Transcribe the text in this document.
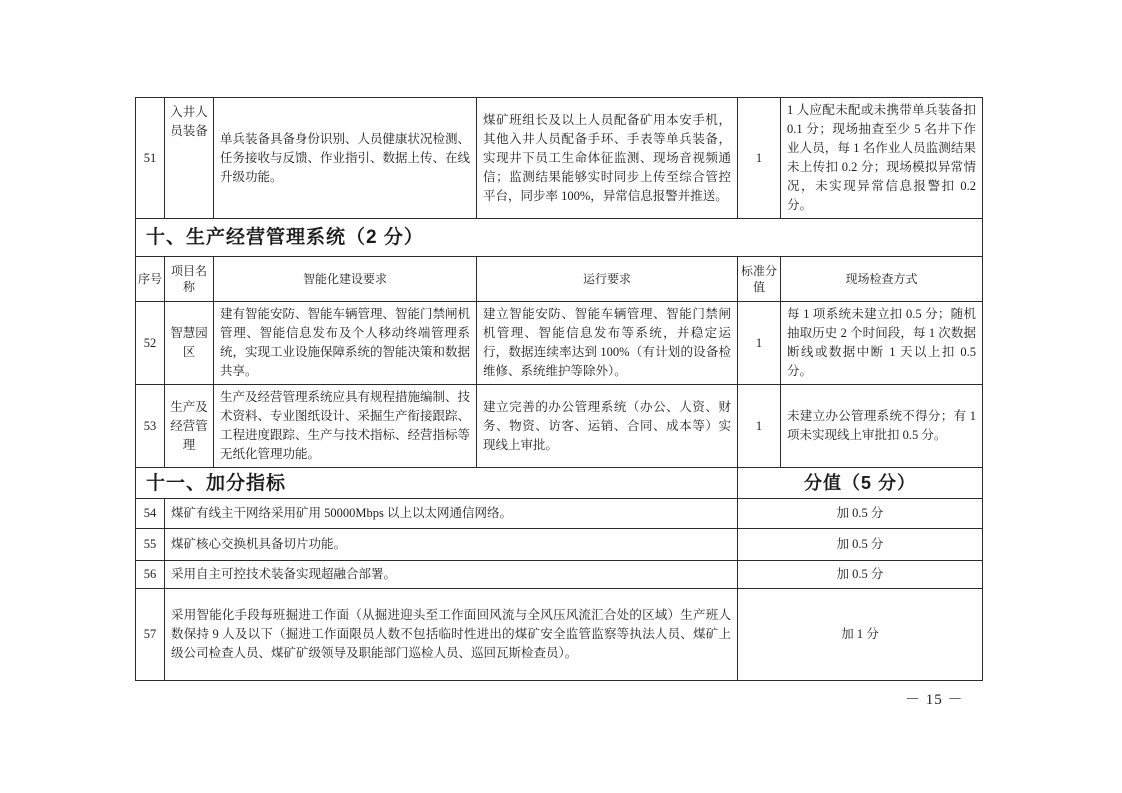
51	入井人员装备	单兵装备具备身份识别、人员健康状况检测、任务接收与反馈、作业指引、数据上传、在线升级功能。	煤矿班组长及以上人员配备矿用本安手机，其他入井人员配备手环、手表等单兵装备，实现井下员工生命体征监测、现场音视频通信；监测结果能够实时同步上传至综合管控平台，同步率 100%，异常信息报警并推送。	1	1 人应配未配或未携带单兵装备扣 0.1 分；现场抽查至少 5 名井下作业人员，每 1 名作业人员监测结果未上传扣 0.2 分；现场模拟异常情况，未实现异常信息报警扣 0.2 分。
十、生产经营管理系统（2 分）					
序号	项目名称	智能化建设要求	运行要求	标准分值	现场检查方式
52	智慧园区	建有智能安防、智能车辆管理、智能门禁闸机管理、智能信息发布及个人移动终端管理系统，实现工业设施保障系统的智能决策和数据共享。	建立智能安防、智能车辆管理、智能门禁闸机管理、智能信息发布等系统，并稳定运行，数据连续率达到 100%（有计划的设备检维修、系统维护等除外）。	1	每 1 项系统未建立扣 0.5 分；随机抽取历史 2 个时间段，每 1 次数据断线或数据中断 1 天以上扣 0.5 分。
53	生产及经营管理	生产及经营管理系统应具有规程措施编制、技术资料、专业图纸设计、采掘生产衔接跟踪、工程进度跟踪、生产与技术指标、经营指标等无纸化管理功能。	建立完善的办公管理系统（办公、人资、财务、物资、访客、运销、合同、成本等）实现线上审批。	1	未建立办公管理系统不得分；有 1 项未实现线上审批扣 0.5 分。
十一、加分指标				分值（5 分）	
54	煤矿有线主干网络采用矿用 50000Mbps 以上以太网通信网络。			加 0.5 分	
55	煤矿核心交换机具备切片功能。			加 0.5 分	
56	采用自主可控技术装备实现超融合部署。			加 0.5 分	
57	采用智能化手段每班掘进工作面（从掘进迎头至工作面回风流与全风压风流汇合处的区域）生产班人数保持 9 人及以下（掘进工作面限员人数不包括临时性进出的煤矿安全监管监察等执法人员、煤矿上级公司检查人员、煤矿矿级领导及职能部门巡检人员、巡回瓦斯检查员）。			加 1 分	
－ 15 －
